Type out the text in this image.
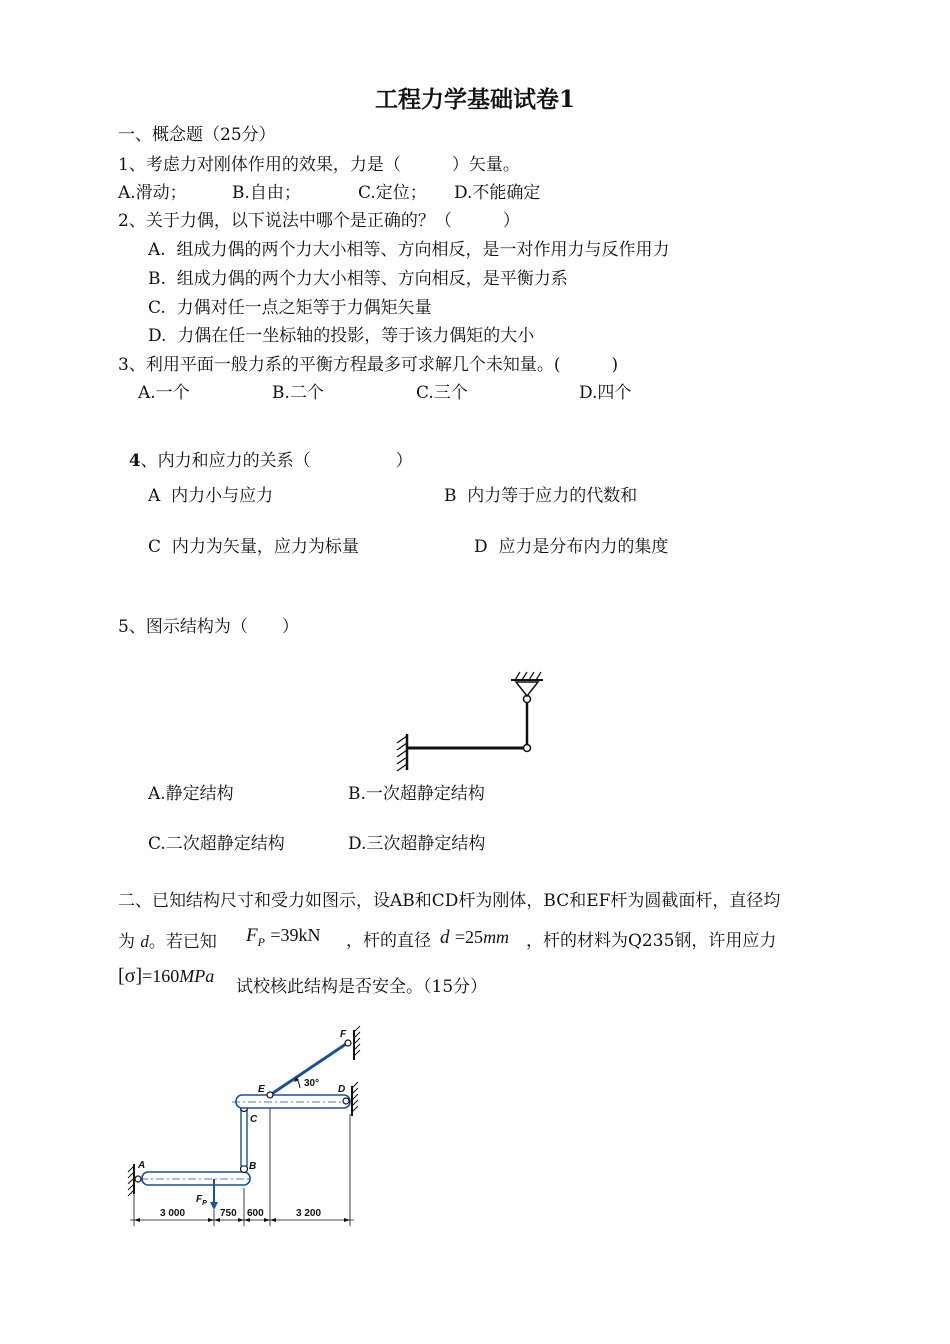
工程力学基础试卷1
一、概念题（25分）
1、考虑力对刚体作用的效果，力是（　　　）矢量。
A.滑动；	B.自由；	C.定位； D.不能确定
2、关于力偶，以下说法中哪个是正确的？（　　　）
A.  组成力偶的两个力大小相等、方向相反，是一对作用力与反作用力
B.  组成力偶的两个力大小相等、方向相反，是平衡力系
C.  力偶对任一点之矩等于力偶矩矢量
D.  力偶在任一坐标轴的投影，等于该力偶矩的大小
3、利用平面一般力系的平衡方程最多可求解几个未知量。(　　　)
A.一个	B.二个	C.三个	D.四个

4、内力和应力的关系（　　　　　）

A  内力小与应力	B  内力等于应力的代数和
C  内力为矢量，应力为标量	D  应力是分布内力的集度
5、图示结构为（　　）
A.静定结构	B.一次超静定结构
C.二次超静定结构	D.三次超静定结构
二、已知结构尺寸和受力如图示，设AB和CD杆为刚体，BC和EF杆为圆截面杆，直径均
为 d。若已知 $F_P =39kN$ ，杆的直径 d =25mm ，杆的材料为Q235钢，许用应力
[σ]=160MPa
试校核此结构是否安全。（15分）
A	B
C
$F_P$
E	D
F
30°
3 000	750 600	3 200
